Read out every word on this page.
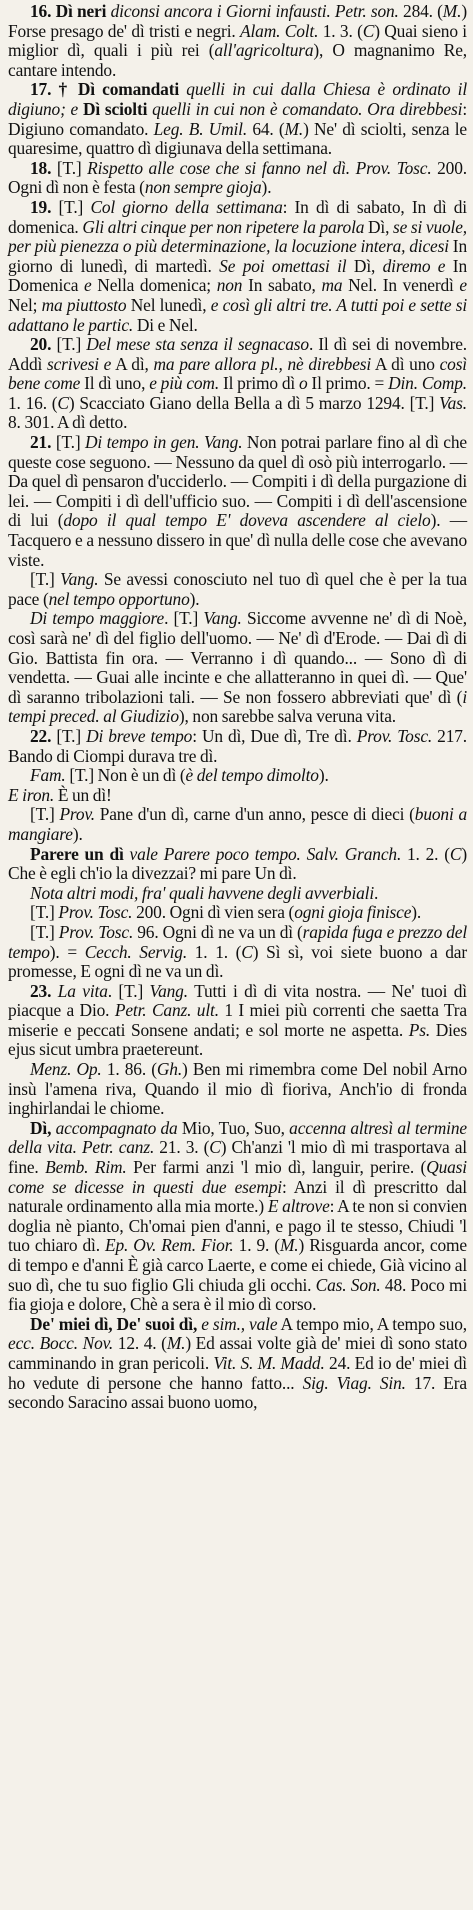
16. Dì neri diconsi ancora i Giorni infausti. Petr. son. 284. (M.) Forse presago de' dì tristi e negri. Alam. Colt. 1. 3. (C) Quai sieno i miglior dì, quali i più rei (all'agricoltura), O magnanimo Re, cantare intendo.

17. † Dì comandati quelli in cui dalla Chiesa è ordinato il digiuno; e Dì sciolti quelli in cui non è comandato. Ora direbbesi: Digiuno comandato. Leg. B. Umil. 64. (M.) Ne' dì sciolti, senza le quaresime, quattro dì digiunava della settimana.

18. [T.] Rispetto alle cose che si fanno nel dì. Prov. Tosc. 200. Ogni dì non è festa (non sempre gioja).

19. [T.] Col giorno della settimana: In dì di sabato, In dì di domenica. Gli altri cinque per non ripetere la parola Dì, se si vuole, per più pienezza o più determinazione, la locuzione intera, dicesi In giorno di lunedì, di martedì. Se poi omettasi il Dì, diremo e In Domenica e Nella domenica; non In sabato, ma Nel. In venerdì e Nel; ma piuttosto Nel lunedì, e così gli altri tre. A tutti poi e sette si adattano le partic. Di e Nel.

20. [T.] Del mese sta senza il segnacaso. Il dì sei di novembre. Addì scrivesi e A dì, ma pare allora pl., nè direbbesi A dì uno così bene come Il dì uno, e più com. Il primo dì o Il primo. = Din. Comp. 1. 16. (C) Scacciato Giano della Bella a dì 5 marzo 1294. [T.] Vas. 8. 301. A dì detto.

21. [T.] Di tempo in gen. Vang. Non potrai parlare fino al dì che queste cose seguono. — Nessuno da quel dì osò più interrogarlo. — Da quel dì pensaron d'ucciderlo. — Compiti i dì della purgazione di lei. — Compiti i dì dell'ufficio suo. — Compiti i dì dell'ascensione di lui (dopo il qual tempo E' doveva ascendere al cielo). — Tacquero e a nessuno dissero in que' dì nulla delle cose che avevano viste.

[T.] Vang. Se avessi conosciuto nel tuo dì quel che è per la tua pace (nel tempo opportuno).

Di tempo maggiore. [T.] Vang. Siccome avvenne ne' dì di Noè, così sarà ne' dì del figlio dell'uomo. — Ne' dì d'Erode. — Dai dì di Gio. Battista fin ora. — Verranno i dì quando... — Sono dì di vendetta. — Guai alle incinte e che allatteranno in quei dì. — Que' dì saranno tribolazioni tali. — Se non fossero abbreviati que' dì (i tempi preced. al Giudizio), non sarebbe salva veruna vita.

22. [T.] Di breve tempo: Un dì, Due dì, Tre dì. Prov. Tosc. 217. Bando di Ciompi durava tre dì.

Fam. [T.] Non è un dì (è del tempo dimolto).

E iron. È un dì!

[T.] Prov. Pane d'un dì, carne d'un anno, pesce di dieci (buoni a mangiare).

Parere un dì vale Parere poco tempo. Salv. Granch. 1. 2. (C) Che è egli ch'io la divezzai? mi pare Un dì.

Nota altri modi, fra' quali havvene degli avverbiali.

[T.] Prov. Tosc. 200. Ogni dì vien sera (ogni gioja finisce).

[T.] Prov. Tosc. 96. Ogni dì ne va un dì (rapida fuga e prezzo del tempo). = Cecch. Servig. 1. 1. (C) Sì sì, voi siete buono a dar promesse, E ogni dì ne va un dì.

23. La vita. [T.] Vang. Tutti i dì di vita nostra. — Ne' tuoi dì piacque a Dio. Petr. Canz. ult. 1 I miei più correnti che saetta Tra miserie e peccati Sonsene andati; e sol morte ne aspetta. Ps. Dies ejus sicut umbra praetereunt.

Menz. Op. 1. 86. (Gh.) Ben mi rimembra come Del nobil Arno insù l'amena riva, Quando il mio dì fioriva, Anch'io di fronda inghirlandai le chiome.

Dì, accompagnato da Mio, Tuo, Suo, accenna altresì al termine della vita. Petr. canz. 21. 3. (C) Ch'anzi 'l mio dì mi trasportava al fine. Bemb. Rim. Per farmi anzi 'l mio dì, languir, perire. (Quasi come se dicesse in questi due esempi: Anzi il dì prescritto dal naturale ordinamento alla mia morte.) E altrove: A te non si convien doglia nè pianto, Ch'omai pien d'anni, e pago il te stesso, Chiudi 'l tuo chiaro dì. Ep. Ov. Rem. Fior. 1. 9. (M.) Risguarda ancor, come di tempo e d'anni È già carco Laerte, e come ei chiede, Già vicino al suo dì, che tu suo figlio Gli chiuda gli occhi. Cas. Son. 48. Poco mi fia gioja e dolore, Chè a sera è il mio dì corso.

De' miei dì, De' suoi dì, e sim., vale A tempo mio, A tempo suo, ecc. Bocc. Nov. 12. 4. (M.) Ed assai volte già de' miei dì sono stato camminando in gran pericoli. Vit. S. M. Madd. 24. Ed io de' miei dì ho vedute di persone che hanno fatto... Sig. Viag. Sin. 17. Era secondo Saracino assai buono uomo,
